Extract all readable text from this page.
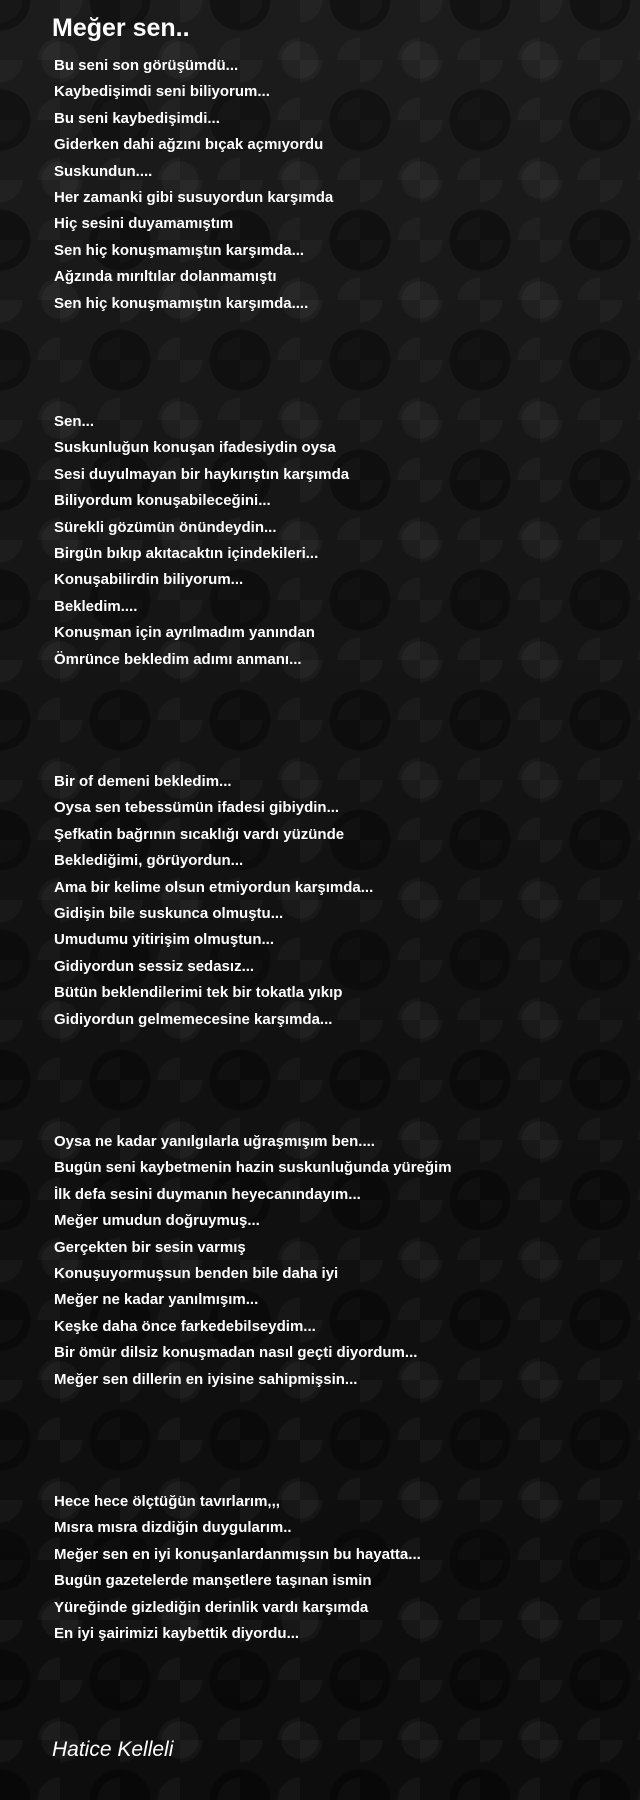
Meğer sen..
Bu seni son görüşümdü...
Kaybedişimdi seni biliyorum...
Bu seni kaybedişimdi...
Giderken dahi ağzını bıçak açmıyordu
Suskundun....
Her zamanki gibi susuyordun karşımda
Hiç sesini duyamamıştım
Sen hiç konuşmamıştın karşımda...
Ağzında mırıltılar dolanmamıştı
Sen hiç konuşmamıştın karşımda....
Sen...
Suskunluğun konuşan ifadesiydin oysa
Sesi duyulmayan bir haykırıştın karşımda
Biliyordum konuşabileceğini...
Sürekli gözümün önündeydin...
Birgün bıkıp akıtacaktın içindekileri...
Konuşabilirdin biliyorum...
Bekledim....
Konuşman için ayrılmadım yanından
Ömrünce bekledim adımı anmanı...
Bir of demeni bekledim...
Oysa sen tebessümün ifadesi gibiydin...
Şefkatin bağrının sıcaklığı vardı yüzünde
Beklediğimi, görüyordun...
Ama bir kelime olsun etmiyordun karşımda...
Gidişin bile suskunca olmuştu...
Umudumu yitirişim olmuştun...
Gidiyordun sessiz sedasız...
Bütün beklendilerimi tek bir tokatla yıkıp
Gidiyordun gelmemecesine karşımda...
Oysa ne kadar yanılgılarla uğraşmışım ben....
Bugün seni kaybetmenin hazin suskunluğunda yüreğim
İlk defa sesini duymanın heyecanındayım...
Meğer umudun doğruymuş...
Gerçekten bir sesin varmış
Konuşuyormuşsun benden bile daha iyi
Meğer ne kadar yanılmışım...
Keşke daha önce farkedebilseydim...
Bir ömür dilsiz konuşmadan nasıl geçti diyordum...
Meğer sen dillerin en iyisine sahipmişsin...
Hece hece ölçtüğün tavırlarım,,,
Mısra mısra dizdiğin duygularım..
Meğer sen en iyi konuşanlardanmışsın bu hayatta...
Bugün gazetelerde manşetlere taşınan ismin
Yüreğinde gizlediğin derinlik vardı karşımda
En iyi şairimizi kaybettik diyordu...
Hatice Kelleli
